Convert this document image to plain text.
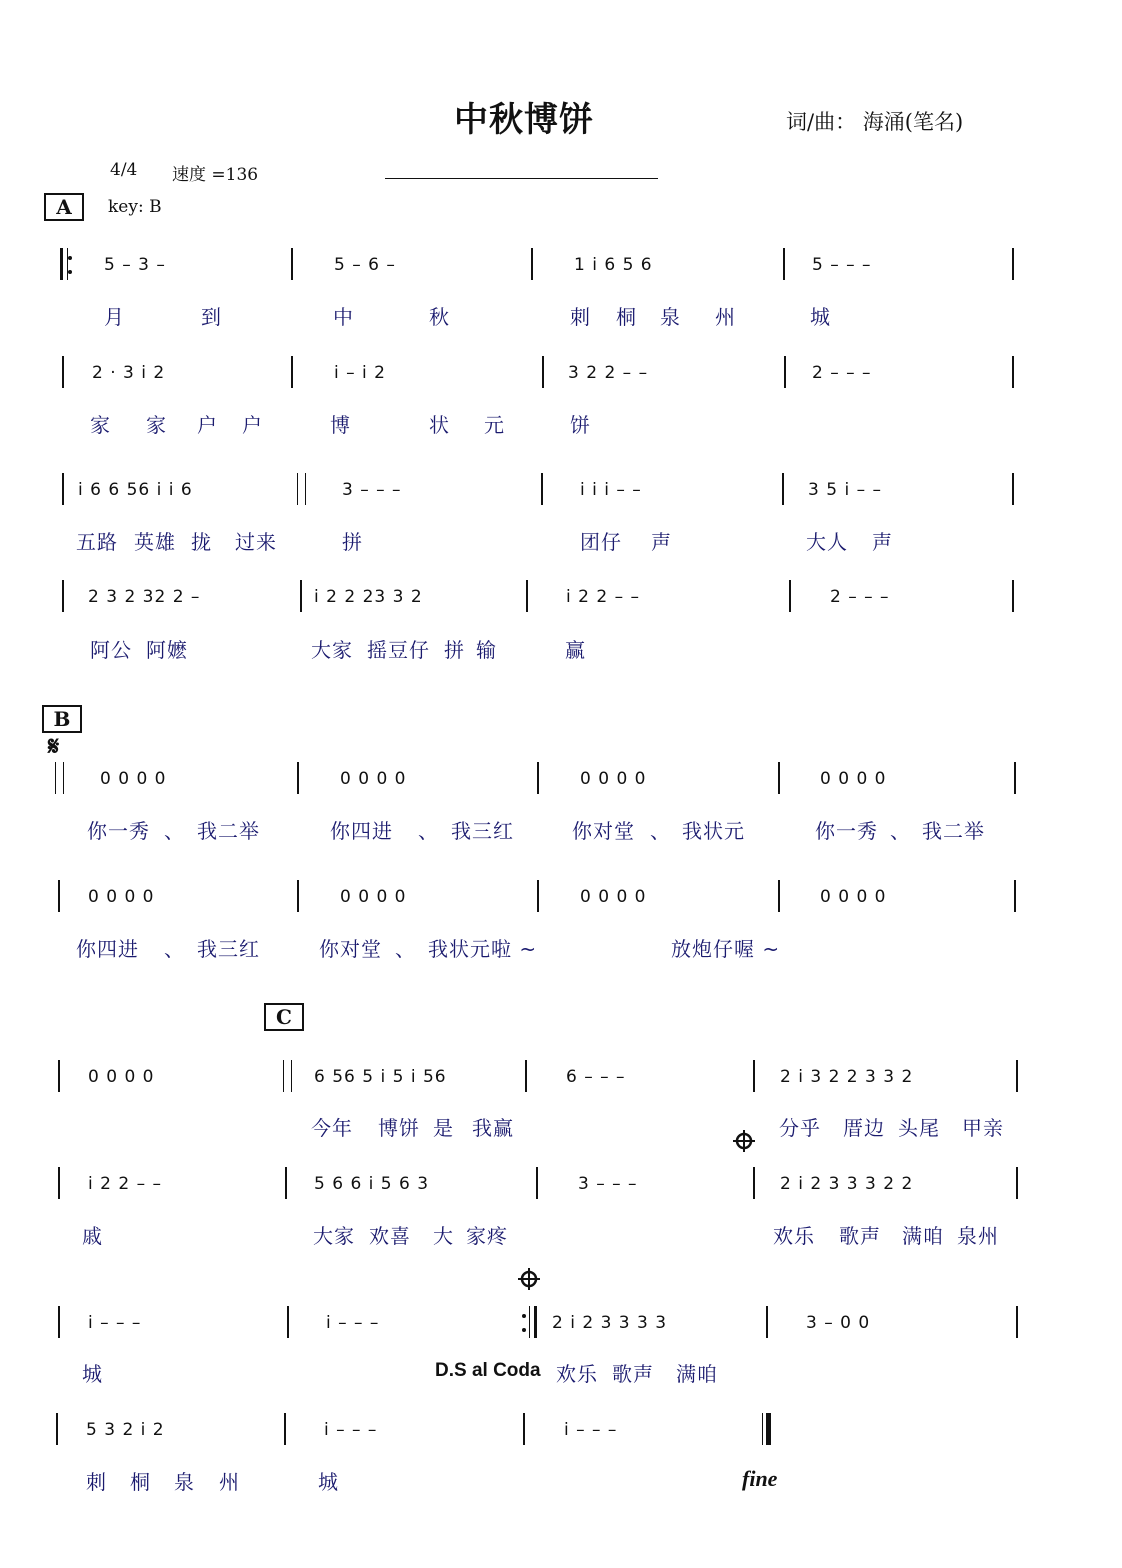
中秋博饼	词/曲： 海涌(笔名)
4/4 速度 =136
A	key: B
5 – 3 –	5 – 6 –	1 i 6 5 6	5 – – –
月	到	中	秋	刺 桐 泉 州	城
2 · 3 i 2	i – i 2	3 2 2 – –	2 – – –
家 家 户 户	博	状 元	饼
i 6 6 56 i i 6	3 – – –	i i i – –	3 5 i – –
五路 英雄 拢 过来	拼	团仔 声	大人 声
2 3 2 32 2 –	i 2 2 23 3 2	i 2 2 – –	2 – – –
阿公 阿嬷	大家 摇豆仔 拼 输	赢
B
𝄋
0 0 0 0	0 0 0 0	0 0 0 0	0 0 0 0
你一秀 、 我二举	你四进 、 我三红	你对堂 、 我状元	你一秀 、 我二举
0 0 0 0	0 0 0 0	0 0 0 0	0 0 0 0
你四进 、 我三红	你对堂 、 我状元啦 ~	放炮仔喔 ~
C
0 0 0 0	6 56 5 i 5 i 56	6 – – –	2 i 3 2 2 3 3 2
今年 博饼 是 我赢	分乎 厝边 头尾 甲亲
i 2 2 – –	5 6 6 i 5 6 3	3 – – –	2 i 2 3 3 3 2 2
戚	大家 欢喜 大 家疼	欢乐 歌声 满咱 泉州
i – – –	i – – –	2 i 2 3 3 3 3	3 – 0 0
城	D.S al Coda 欢乐 歌声 满咱
5 3 2 i 2	i – – –	i – – –
刺 桐 泉 州	城	fine
